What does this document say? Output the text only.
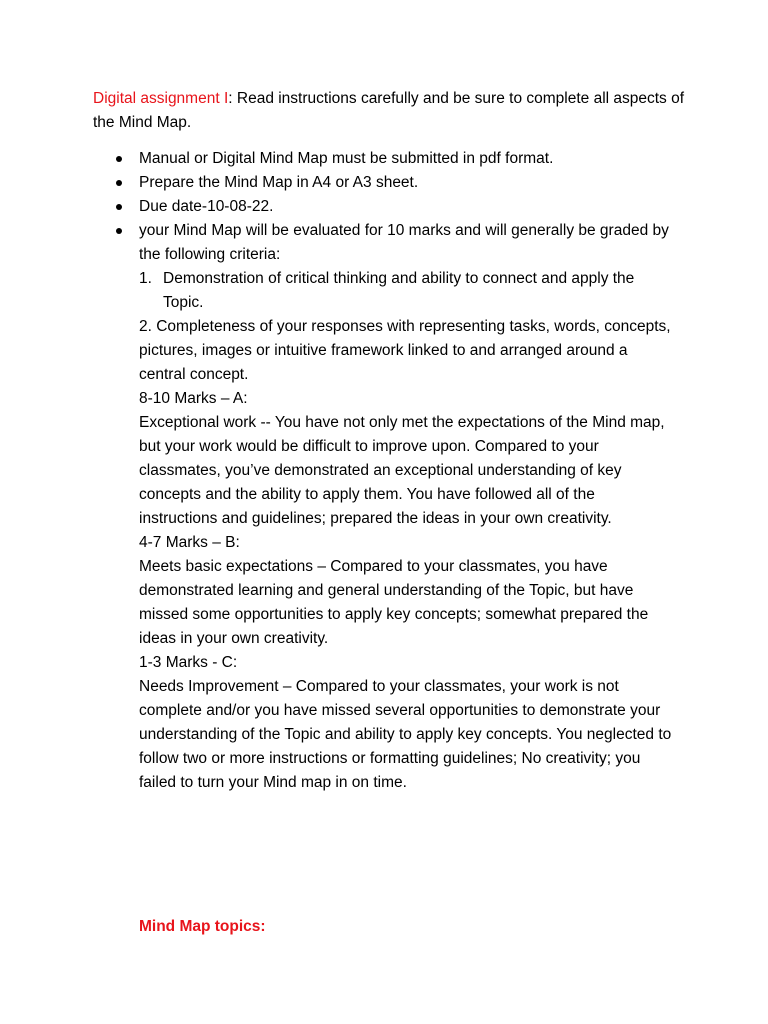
Digital assignment I: Read instructions carefully and be sure to complete all aspects of the Mind Map.
Manual or Digital Mind Map must be submitted in pdf format.
Prepare the Mind Map in A4 or A3 sheet.
Due date-10-08-22.
your Mind Map will be evaluated for 10 marks and will generally be graded by the following criteria:
1. Demonstration of critical thinking and ability to connect and apply the Topic.
2. Completeness of your responses with representing tasks, words, concepts, pictures, images or intuitive framework linked to and arranged around a central concept.
8-10 Marks – A:
Exceptional work -- You have not only met the expectations of the Mind map, but your work would be difficult to improve upon. Compared to your classmates, you’ve demonstrated an exceptional understanding of key concepts and the ability to apply them. You have followed all of the instructions and guidelines; prepared the ideas in your own creativity.
4-7 Marks – B:
Meets basic expectations – Compared to your classmates, you have demonstrated learning and general understanding of the Topic, but have missed some opportunities to apply key concepts; somewhat prepared the ideas in your own creativity.
1-3 Marks - C:
Needs Improvement – Compared to your classmates, your work is not complete and/or you have missed several opportunities to demonstrate your understanding of the Topic and ability to apply key concepts. You neglected to follow two or more instructions or formatting guidelines; No creativity; you failed to turn your Mind map in on time.
Mind Map topics:
